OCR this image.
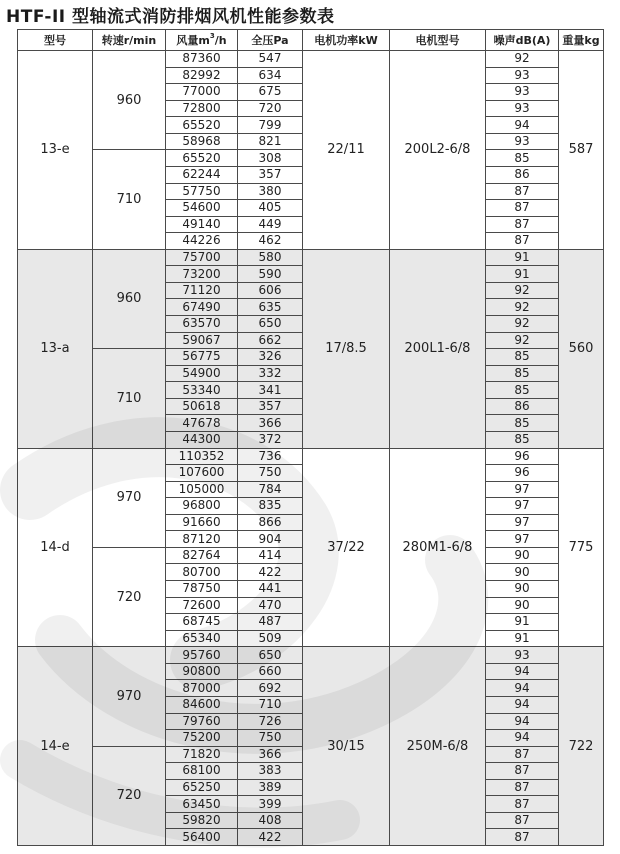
HTF-II 型轴流式消防排烟风机性能参数表
型号	转速r/min	风量$m^3/h$	全压Pa	电机功率kW	电机型号	噪声dB(A)	重量kg
13-e	960	87360	547	22/11	200L2-6/8	92	587
		82992	634			93	
		77000	675			93	
		72800	720			93	
		65520	799			94	
		58968	821			93	
	710	65520	308			85	
		62244	357			86	
		57750	380			87	
		54600	405			87	
		49140	449			87	
		44226	462			87	
13-a	960	75700	580	17/8.5	200L1-6/8	91	560
		73200	590			91	
		71120	606			92	
		67490	635			92	
		63570	650			92	
		59067	662			92	
	710	56775	326			85	
		54900	332			85	
		53340	341			85	
		50618	357			86	
		47678	366			85	
		44300	372			85	
14-d	970	110352	736	37/22	280M1-6/8	96	775
		107600	750			96	
		105000	784			97	
		96800	835			97	
		91660	866			97	
		87120	904			97	
	720	82764	414			90	
		80700	422			90	
		78750	441			90	
		72600	470			90	
		68745	487			91	
		65340	509			91	
14-e	970	95760	650	30/15	250M-6/8	93	722
		90800	660			94	
		87000	692			94	
		84600	710			94	
		79760	726			94	
		75200	750			94	
	720	71820	366			87	
		68100	383			87	
		65250	389			87	
		63450	399			87	
		59820	408			87	
		56400	422			87	
